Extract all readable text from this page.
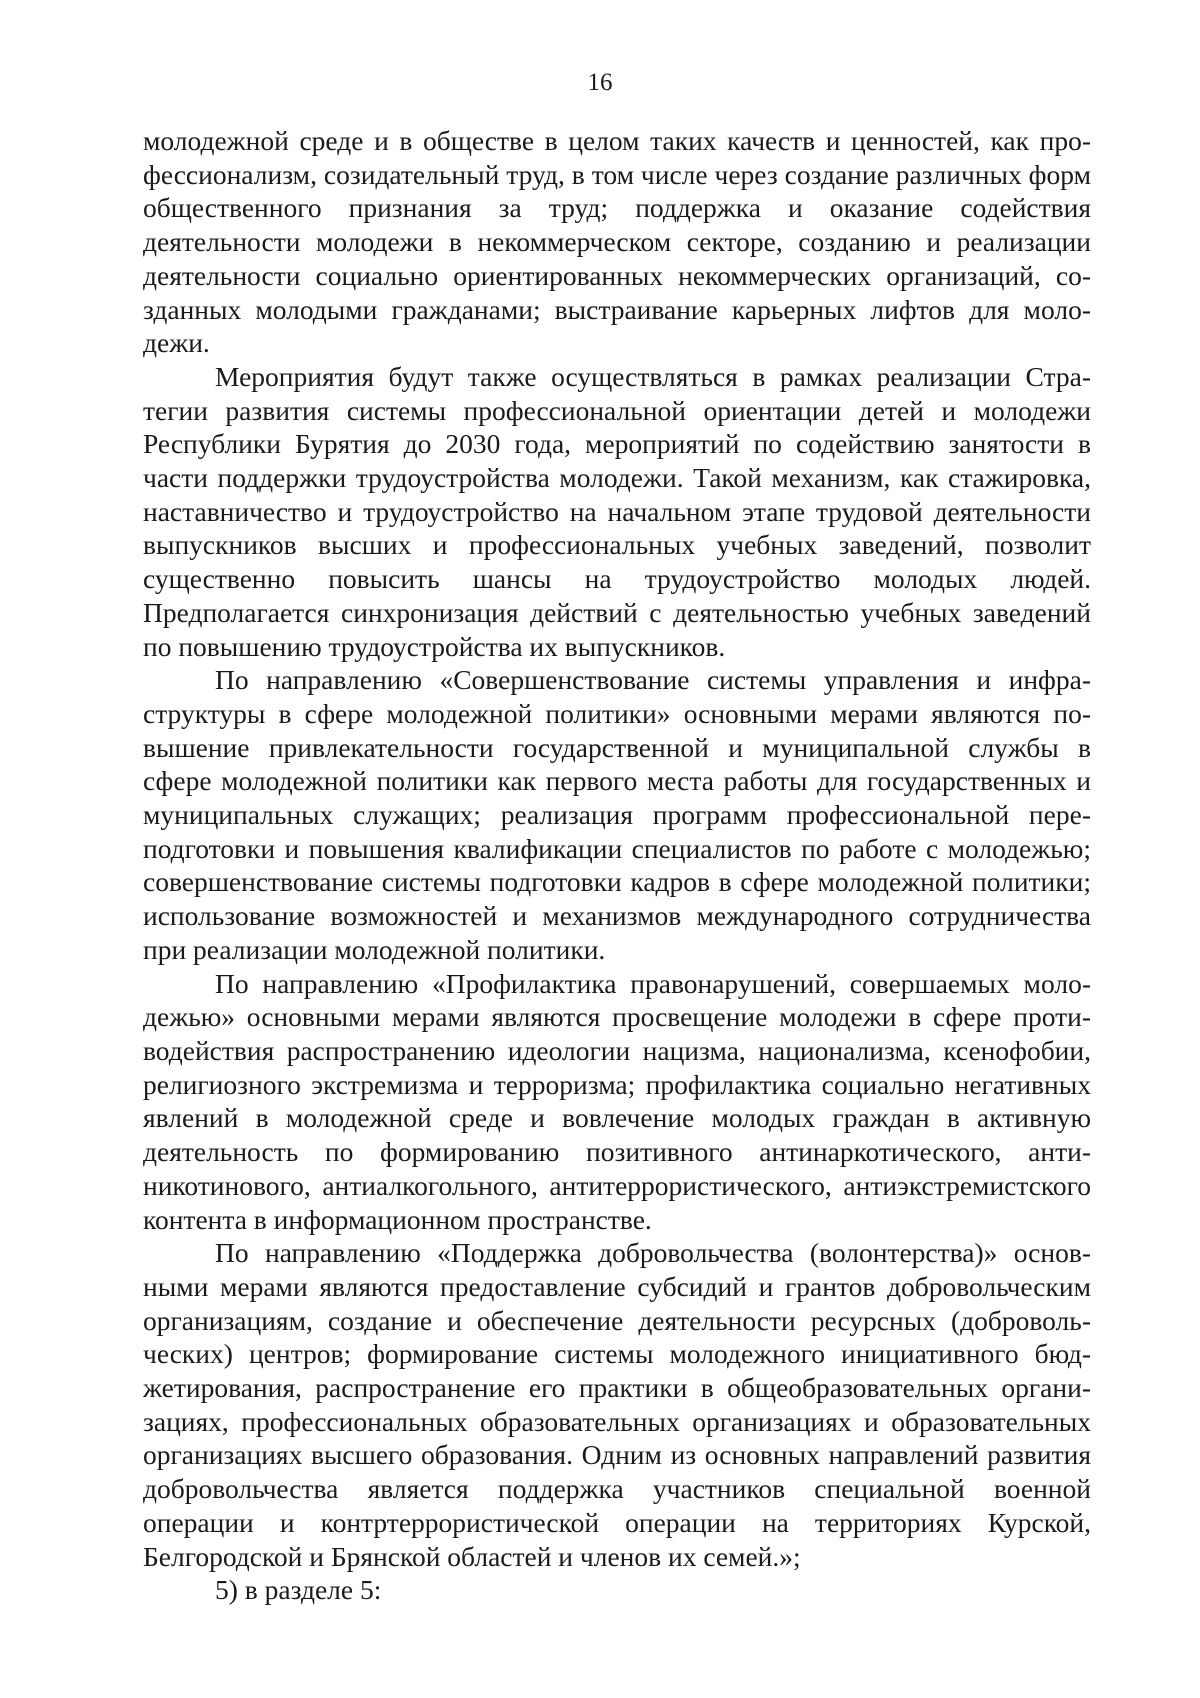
16

молодежной среде и в обществе в целом таких качеств и ценностей, как профессионализм, созидательный труд, в том числе через создание различных форм общественного признания за труд; поддержка и оказание содействия деятельности молодежи в некоммерческом секторе, созданию и реализации деятельности социально ориентированных некоммерческих организаций, созданных молодыми гражданами; выстраивание карьерных лифтов для молодежи.

Мероприятия будут также осуществляться в рамках реализации Стратегии развития системы профессиональной ориентации детей и молодежи Республики Бурятия до 2030 года, мероприятий по содействию занятости в части поддержки трудоустройства молодежи. Такой механизм, как стажировка, наставничество и трудоустройство на начальном этапе трудовой деятельности выпускников высших и профессиональных учебных заведений, позволит существенно повысить шансы на трудоустройство молодых людей. Предполагается синхронизация действий с деятельностью учебных заведений по повышению трудоустройства их выпускников.

По направлению «Совершенствование системы управления и инфраструктуры в сфере молодежной политики» основными мерами являются повышение привлекательности государственной и муниципальной службы в сфере молодежной политики как первого места работы для государственных и муниципальных служащих; реализация программ профессиональной переподготовки и повышения квалификации специалистов по работе с молодежью; совершенствование системы подготовки кадров в сфере молодежной политики; использование возможностей и механизмов международного сотрудничества при реализации молодежной политики.

По направлению «Профилактика правонарушений, совершаемых молодежью» основными мерами являются просвещение молодежи в сфере противодействия распространению идеологии нацизма, национализма, ксенофобии, религиозного экстремизма и терроризма; профилактика социально негативных явлений в молодежной среде и вовлечение молодых граждан в активную деятельность по формированию позитивного антинаркотического, антиникотинового, антиалкогольного, антитеррористического, антиэкстремистского контента в информационном пространстве.

По направлению «Поддержка добровольчества (волонтерства)» основными мерами являются предоставление субсидий и грантов добровольческим организациям, создание и обеспечение деятельности ресурсных (добровольческих) центров; формирование системы молодежного инициативного бюджетирования, распространение его практики в общеобразовательных организациях, профессиональных образовательных организациях и образовательных организациях высшего образования. Одним из основных направлений развития добровольчества является поддержка участников специальной военной операции и контртеррористической операции на территориях Курской, Белгородской и Брянской областей и членов их семей.»;

5) в разделе 5:
